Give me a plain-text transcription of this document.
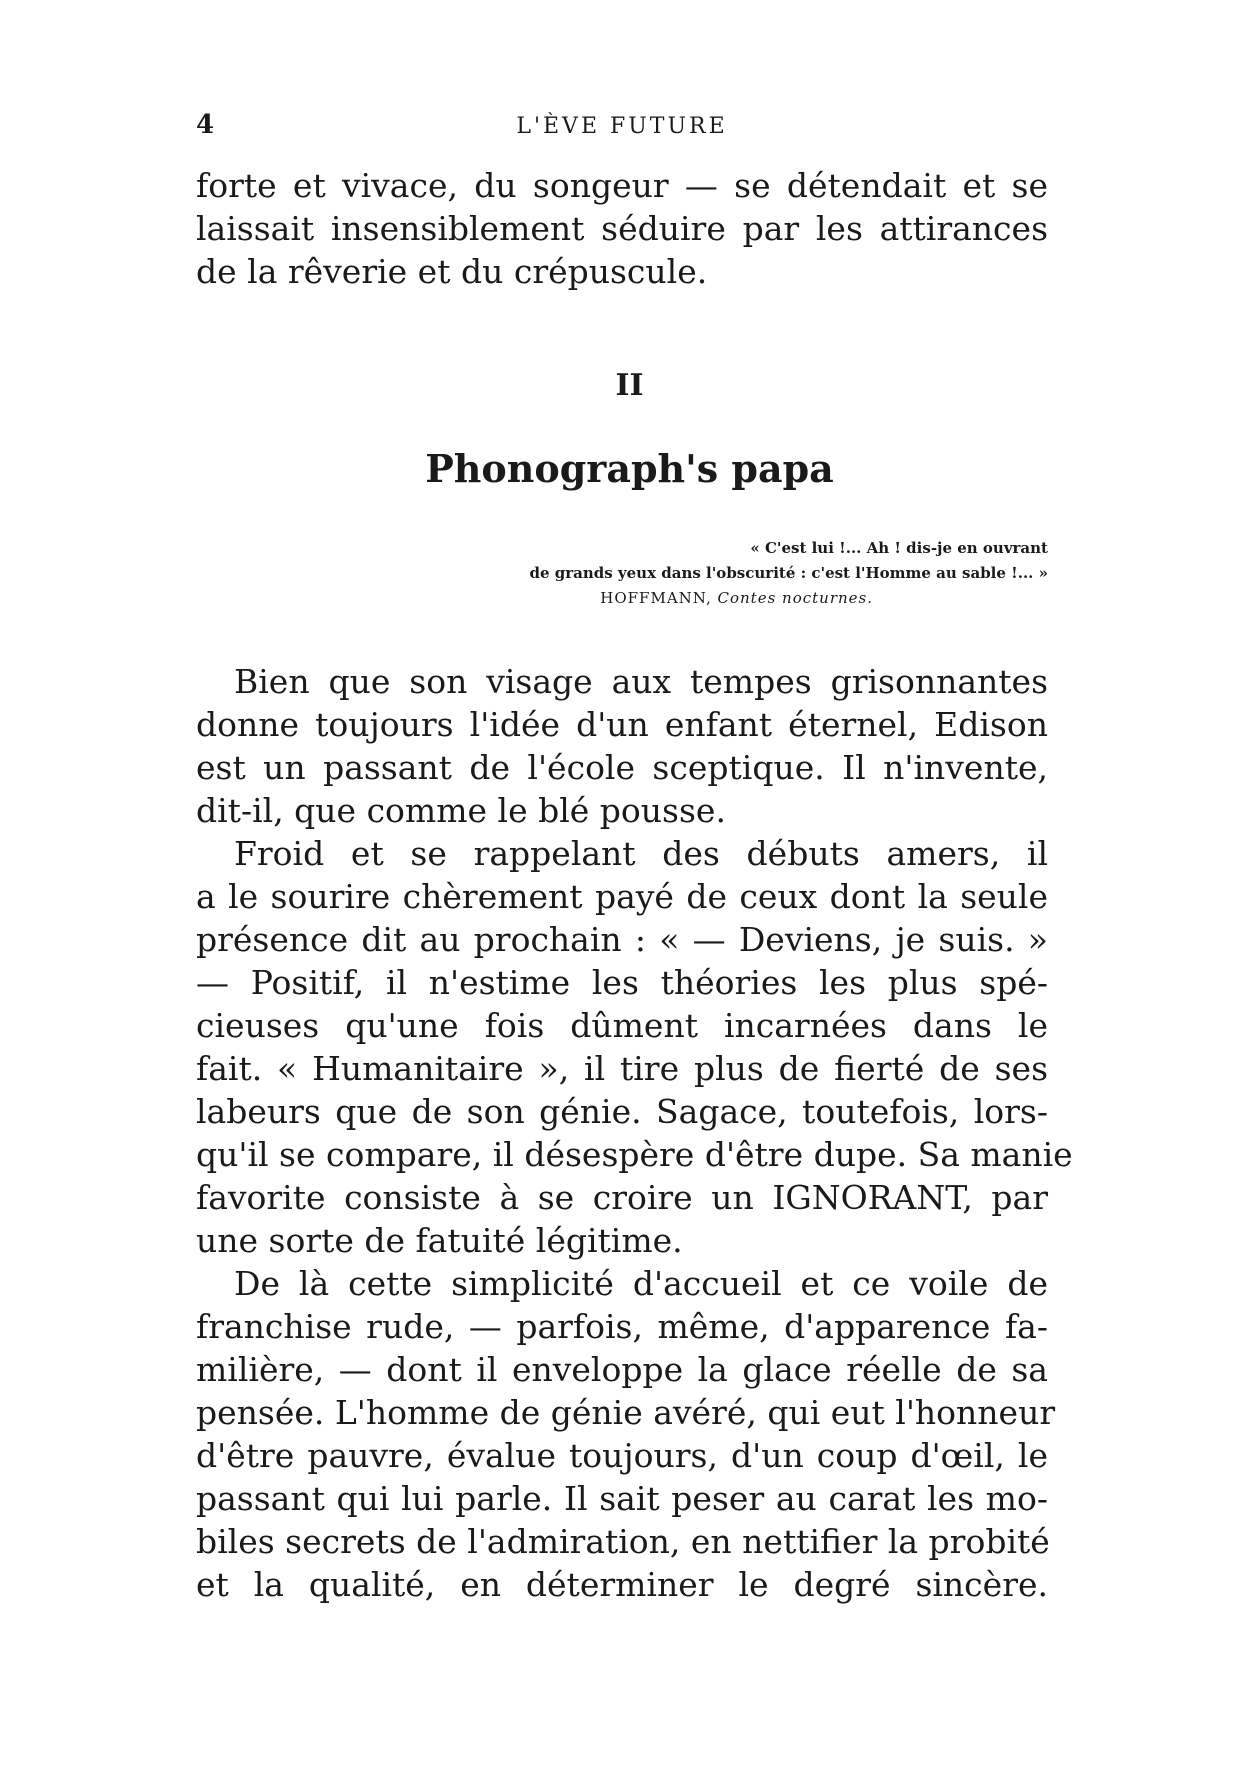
4	L'ÈVE FUTURE
forte et vivace, du songeur — se détendait et se
laissait insensiblement séduire par les attirances
de la rêverie et du crépuscule.
II
Phonograph's papa
« C'est lui !... Ah ! dis-je en ouvrant
de grands yeux dans l'obscurité : c'est l'Homme au sable !... »
HOFFMANN, Contes nocturnes.
Bien que son visage aux tempes grisonnantes
donne toujours l'idée d'un enfant éternel, Edison
est un passant de l'école sceptique. Il n'invente,
dit-il, que comme le blé pousse.
Froid et se rappelant des débuts amers, il
a le sourire chèrement payé de ceux dont la seule
présence dit au prochain : « — Deviens, je suis. »
— Positif, il n'estime les théories les plus spé-
cieuses qu'une fois dûment incarnées dans le
fait. « Humanitaire », il tire plus de fierté de ses
labeurs que de son génie. Sagace, toutefois, lors-
qu'il se compare, il désespère d'être dupe. Sa manie
favorite consiste à se croire un IGNORANT, par
une sorte de fatuité légitime.
De là cette simplicité d'accueil et ce voile de
franchise rude, — parfois, même, d'apparence fa-
milière, — dont il enveloppe la glace réelle de sa
pensée. L'homme de génie avéré, qui eut l'honneur
d'être pauvre, évalue toujours, d'un coup d'œil, le
passant qui lui parle. Il sait peser au carat les mo-
biles secrets de l'admiration, en nettifier la probité
et la qualité, en déterminer le degré sincère.
